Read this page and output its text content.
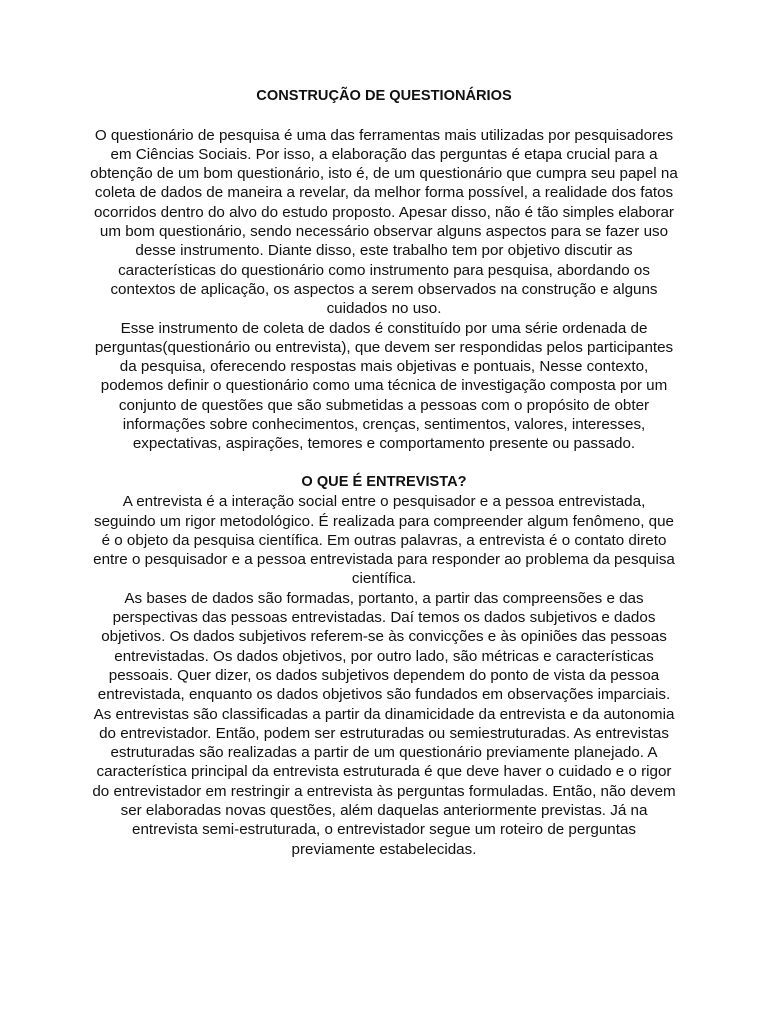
CONSTRUÇÃO DE QUESTIONÁRIOS

O questionário de pesquisa é uma das ferramentas mais utilizadas por pesquisadores em Ciências Sociais. Por isso, a elaboração das perguntas é etapa crucial para a obtenção de um bom questionário, isto é, de um questionário que cumpra seu papel na coleta de dados de maneira a revelar, da melhor forma possível, a realidade dos fatos ocorridos dentro do alvo do estudo proposto. Apesar disso, não é tão simples elaborar um bom questionário, sendo necessário observar alguns aspectos para se fazer uso desse instrumento. Diante disso, este trabalho tem por objetivo discutir as características do questionário como instrumento para pesquisa, abordando os contextos de aplicação, os aspectos a serem observados na construção e alguns cuidados no uso.

Esse instrumento de coleta de dados é constituído por uma série ordenada de perguntas(questionário ou entrevista), que devem ser respondidas pelos participantes da pesquisa, oferecendo respostas mais objetivas e pontuais, Nesse contexto, podemos definir o questionário como uma técnica de investigação composta por um conjunto de questões que são submetidas a pessoas com o propósito de obter informações sobre conhecimentos, crenças, sentimentos, valores, interesses, expectativas, aspirações, temores e comportamento presente ou passado.

O QUE É ENTREVISTA?

A entrevista é a interação social entre o pesquisador e a pessoa entrevistada, seguindo um rigor metodológico. É realizada para compreender algum fenômeno, que é o objeto da pesquisa científica. Em outras palavras, a entrevista é o contato direto entre o pesquisador e a pessoa entrevistada para responder ao problema da pesquisa científica.

As bases de dados são formadas, portanto, a partir das compreensões e das perspectivas das pessoas entrevistadas. Daí temos os dados subjetivos e dados objetivos. Os dados subjetivos referem-se às convicções e às opiniões das pessoas entrevistadas. Os dados objetivos, por outro lado, são métricas e características pessoais. Quer dizer, os dados subjetivos dependem do ponto de vista da pessoa entrevistada, enquanto os dados objetivos são fundados em observações imparciais.

As entrevistas são classificadas a partir da dinamicidade da entrevista e da autonomia do entrevistador. Então, podem ser estruturadas ou semiestruturadas. As entrevistas estruturadas são realizadas a partir de um questionário previamente planejado. A característica principal da entrevista estruturada é que deve haver o cuidado e o rigor do entrevistador em restringir a entrevista às perguntas formuladas. Então, não devem ser elaboradas novas questões, além daquelas anteriormente previstas. Já na entrevista semi-estruturada, o entrevistador segue um roteiro de perguntas previamente estabelecidas.
